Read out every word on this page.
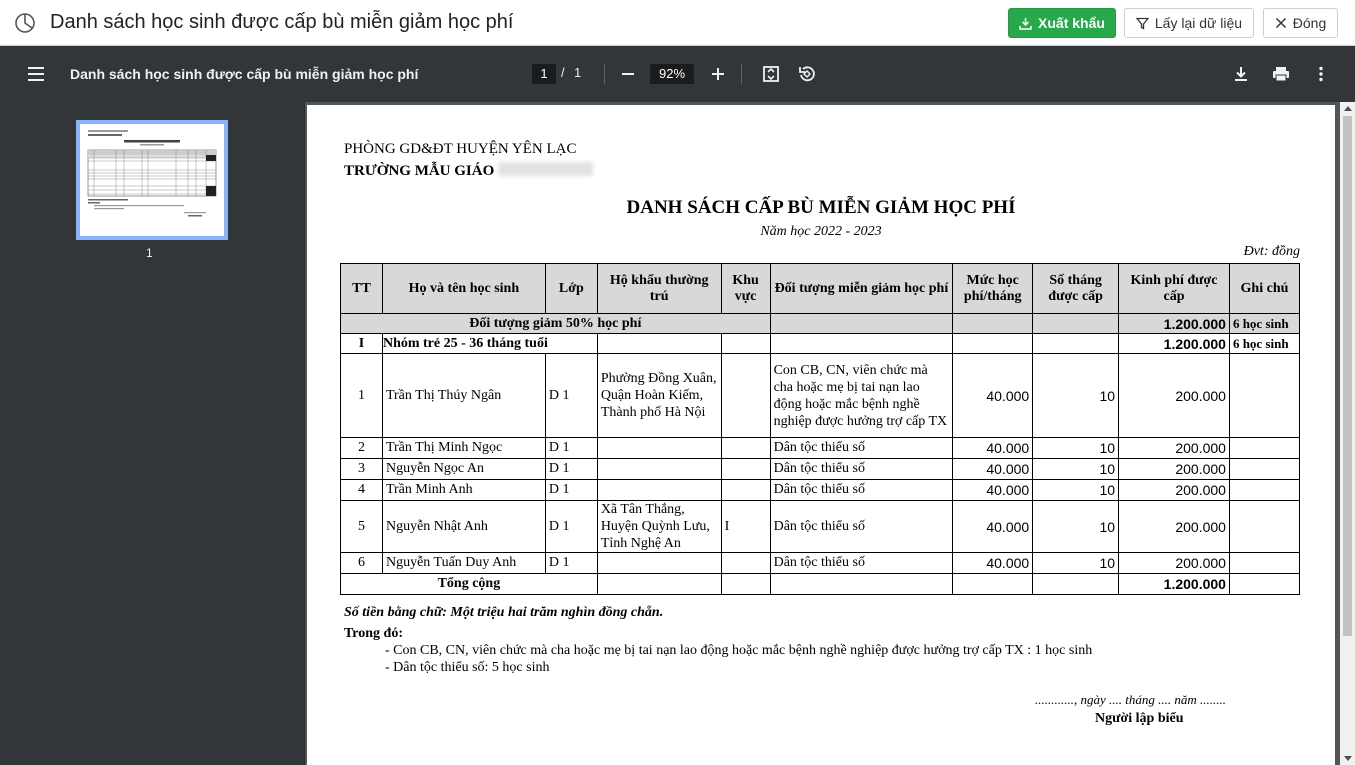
Danh sách học sinh được cấp bù miễn giảm học phí	Xuất khẩu	Lấy lại dữ liệu	Đóng
Danh sách học sinh được cấp bù miễn giảm học phí	1	/ 1	92%
1
PHÒNG GD&ĐT HUYỆN YÊN LẠC
TRƯỜNG MẪU GIÁO
DANH SÁCH CẤP BÙ MIỄN GIẢM HỌC PHÍ
Năm học 2022 - 2023
Đvt: đồng
TT	Họ và tên học sinh	Lớp	Hộ khẩu thường trú	Khu vực	Đối tượng miễn giảm học phí	Mức học phí/tháng	Số tháng được cấp	Kinh phí được cấp	Ghi chú
Đối tượng giảm 50% học phí								1.200.000	6 học sinh
I	Nhóm trẻ 25 - 36 tháng tuổi							1.200.000	6 học sinh
1	Trần Thị Thúy Ngân	D 1	Phường Đồng Xuân, Quận Hoàn Kiếm, Thành phố Hà Nội		Con CB, CN, viên chức mà cha hoặc mẹ bị tai nạn lao động hoặc mắc bệnh nghề nghiệp được hưởng trợ cấp TX	40.000	10	200.000	
2	Trần Thị Minh Ngọc	D 1			Dân tộc thiểu số	40.000	10	200.000	
3	Nguyễn Ngọc An	D 1			Dân tộc thiểu số	40.000	10	200.000	
4	Trần Minh Anh	D 1			Dân tộc thiểu số	40.000	10	200.000	
5	Nguyễn Nhật Anh	D 1	Xã Tân Thắng, Huyện Quỳnh Lưu, Tỉnh Nghệ An	I	Dân tộc thiểu số	40.000	10	200.000	
6	Nguyễn Tuấn Duy Anh	D 1			Dân tộc thiểu số	40.000	10	200.000	
Tổng cộng								1.200.000	
Số tiền bằng chữ: Một triệu hai trăm nghìn đồng chẵn.
Trong đó:
- Con CB, CN, viên chức mà cha hoặc mẹ bị tai nạn lao động hoặc mắc bệnh nghề nghiệp được hưởng trợ cấp TX : 1 học sinh
- Dân tộc thiểu số: 5 học sinh
............, ngày .... tháng .... năm ........
Người lập biểu
